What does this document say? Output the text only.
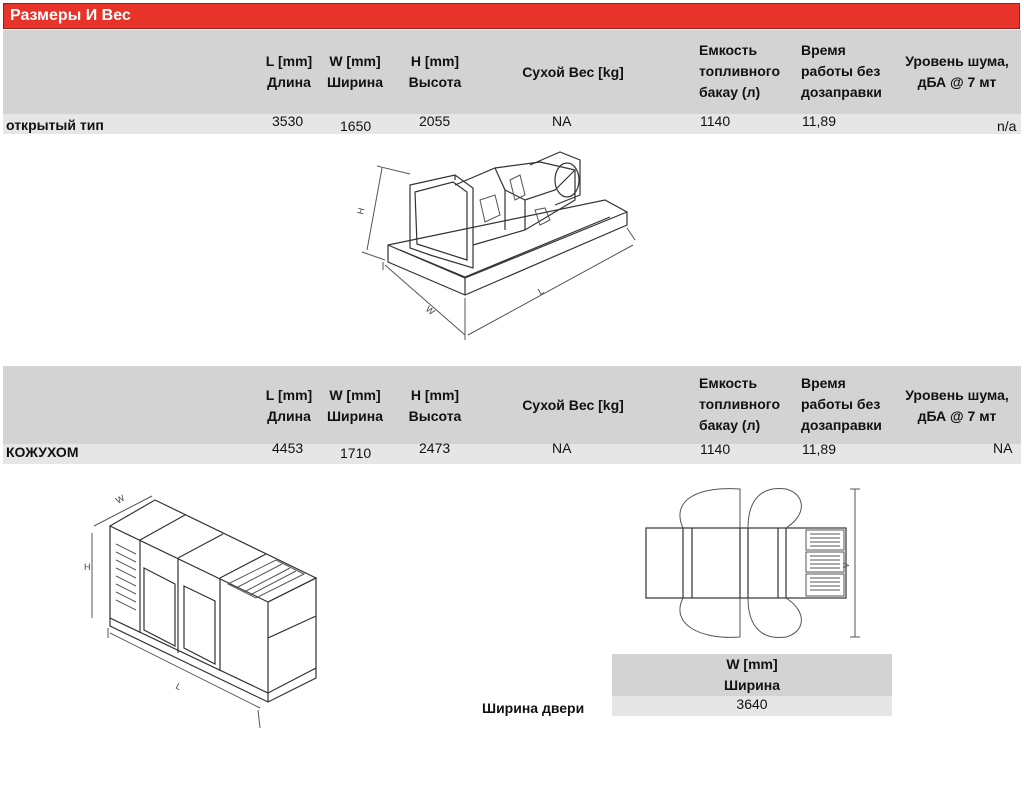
Размеры И Вес
L [mm]
Длина
W [mm]
Ширина
H [mm]
Высота
Сухой Вес [kg]
Емкость
топливного
бакау (л)
Время
работы без
дозаправки
Уровень шума,
дБА @ 7 мт
открытый тип	3530	1650	2055	NA	1140	11,89	n/a
H
W
L
L [mm]
Длина
W [mm]
Ширина
H [mm]
Высота
Сухой Вес [kg]
Емкость
топливного
бакау (л)
Время
работы без
дозаправки
Уровень шума,
дБА @ 7 мт
КОЖУХОМ	4453	1710	2473	NA	1140	11,89	NA
H
W
L
V
W [mm]
Ширина
3640
Ширина двери
